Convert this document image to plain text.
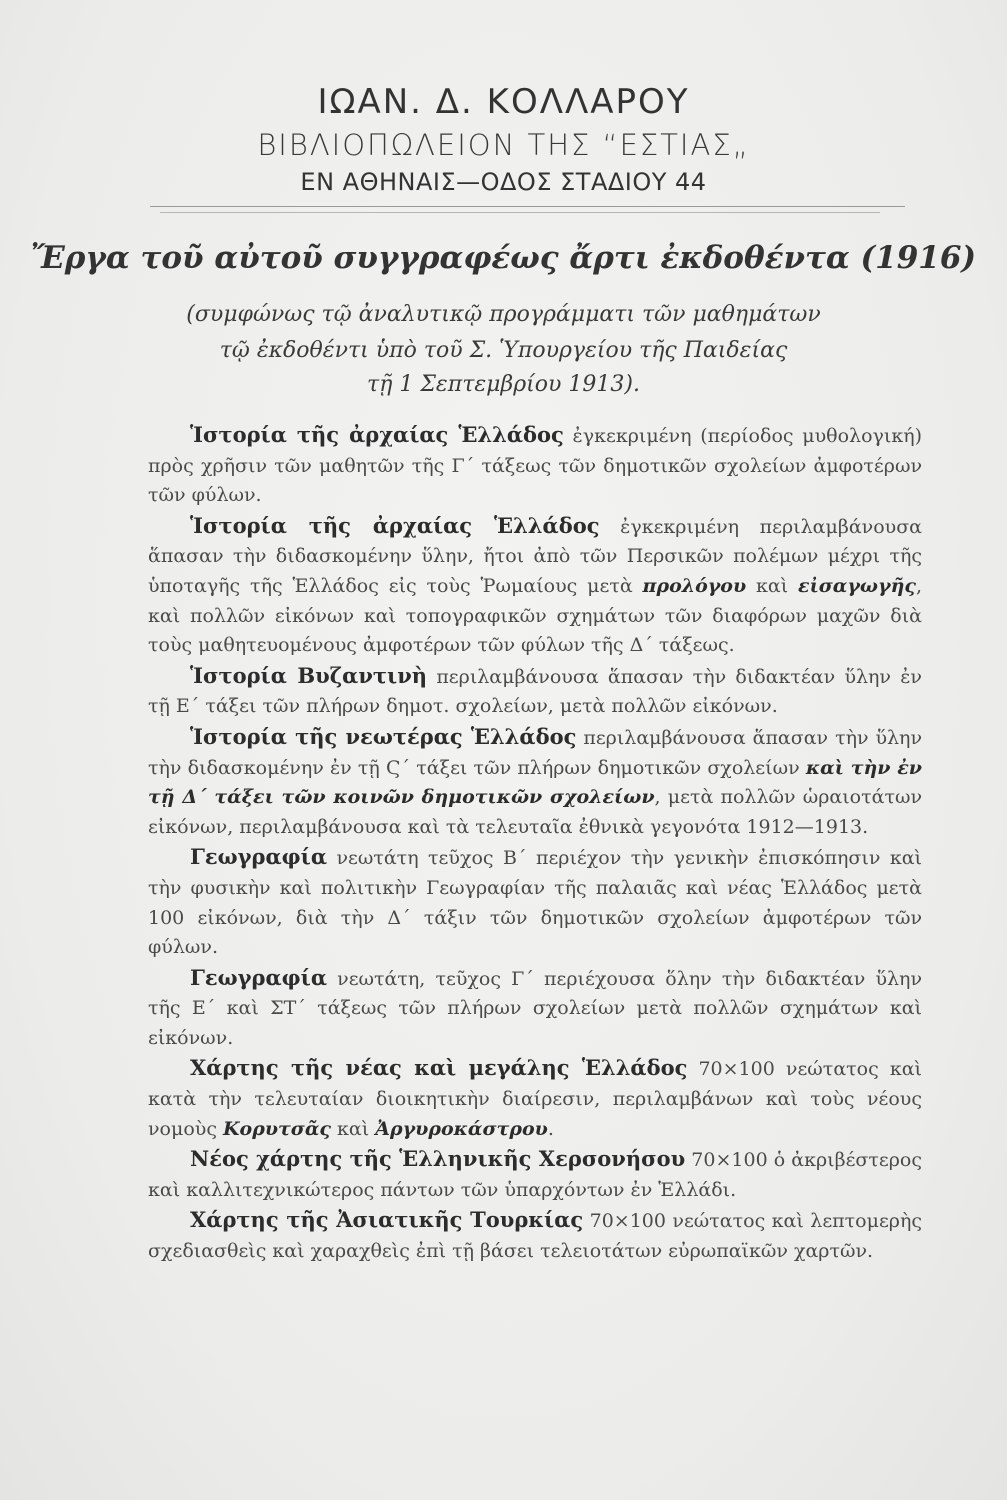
ΙΩΑΝ. Δ. ΚΟΛΛΑΡΟΥ
ΒΙΒΛΙΟΠΩΛΕΙΟΝ ΤΗΣ “ΕΣΤΙΑΣ„
ΕΝ ΑΘΗΝΑΙΣ—ΟΔΟΣ ΣΤΑΔΙΟΥ 44
Ἔργα τοῦ αὐτοῦ συγγραφέως ἄρτι ἐκδοθέντα (1916)
(συμφώνως τῷ ἀναλυτικῷ προγράμματι τῶν μαθημάτων
τῷ ἐκδοθέντι ὑπὸ τοῦ Σ. Ὑπουργείου τῆς Παιδείας
τῇ 1 Σεπτεμβρίου 1913).

Ἱστορία τῆς ἀρχαίας Ἑλλάδος ἐγκεκριμένη (περίοδος μυθολογική) πρὸς χρῆσιν τῶν μαθητῶν τῆς Γ΄ τάξεως τῶν δημοτικῶν σχολείων ἀμφοτέρων τῶν φύλων.

Ἱστορία τῆς ἀρχαίας Ἑλλάδος ἐγκεκριμένη περιλαμβάνουσα ἅπασαν τὴν διδασκομένην ὕλην, ἤτοι ἀπὸ τῶν Περσικῶν πολέμων μέχρι τῆς ὑποταγῆς τῆς Ἑλλάδος εἰς τοὺς Ῥωμαίους μετὰ προλόγου καὶ εἰσαγωγῆς, καὶ πολλῶν εἰκόνων καὶ τοπογραφικῶν σχημάτων τῶν διαφόρων μαχῶν διὰ τοὺς μαθητευομένους ἀμφοτέρων τῶν φύλων τῆς Δ΄ τάξεως.

Ἱστορία Βυζαντινὴ περιλαμβάνουσα ἅπασαν τὴν διδακτέαν ὕλην ἐν τῇ Ε΄ τάξει τῶν πλήρων δημοτ. σχολείων, μετὰ πολλῶν εἰκόνων.

Ἱστορία τῆς νεωτέρας Ἑλλάδος περιλαμβάνουσα ἅπασαν τὴν ὕλην τὴν διδασκομένην ἐν τῇ Ϛ΄ τάξει τῶν πλήρων δημοτικῶν σχολείων καὶ τὴν ἐν τῇ Δ΄ τάξει τῶν κοινῶν δημοτικῶν σχολείων, μετὰ πολλῶν ὡραιοτάτων εἰκόνων, περιλαμβάνουσα καὶ τὰ τελευταῖα ἐθνικὰ γεγονότα 1912—1913.

Γεωγραφία νεωτάτη τεῦχος Β΄ περιέχον τὴν γενικὴν ἐπισκόπησιν καὶ τὴν φυσικὴν καὶ πολιτικὴν Γεωγραφίαν τῆς παλαιᾶς καὶ νέας Ἑλλάδος μετὰ 100 εἰκόνων, διὰ τὴν Δ΄ τάξιν τῶν δημοτικῶν σχολείων ἀμφοτέρων τῶν φύλων.

Γεωγραφία νεωτάτη, τεῦχος Γ΄ περιέχουσα ὅλην τὴν διδακτέαν ὕλην τῆς Ε΄ καὶ ΣΤ΄ τάξεως τῶν πλήρων σχολείων μετὰ πολλῶν σχημάτων καὶ εἰκόνων.

Χάρτης τῆς νέας καὶ μεγάλης Ἑλλάδος 70×100 νεώτατος καὶ κατὰ τὴν τελευταίαν διοικητικὴν διαίρεσιν, περιλαμβάνων καὶ τοὺς νέους νομοὺς Κορυτσᾶς καὶ Ἀργυροκάστρου.

Νέος χάρτης τῆς Ἑλληνικῆς Χερσονήσου 70×100 ὁ ἀκριβέστερος καὶ καλλιτεχνικώτερος πάντων τῶν ὑπαρχόντων ἐν Ἑλλάδι.

Χάρτης τῆς Ἀσιατικῆς Τουρκίας 70×100 νεώτατος καὶ λεπτομερὴς σχεδιασθεὶς καὶ χαραχθεὶς ἐπὶ τῇ βάσει τελειοτάτων εὐρωπαϊκῶν χαρτῶν.
